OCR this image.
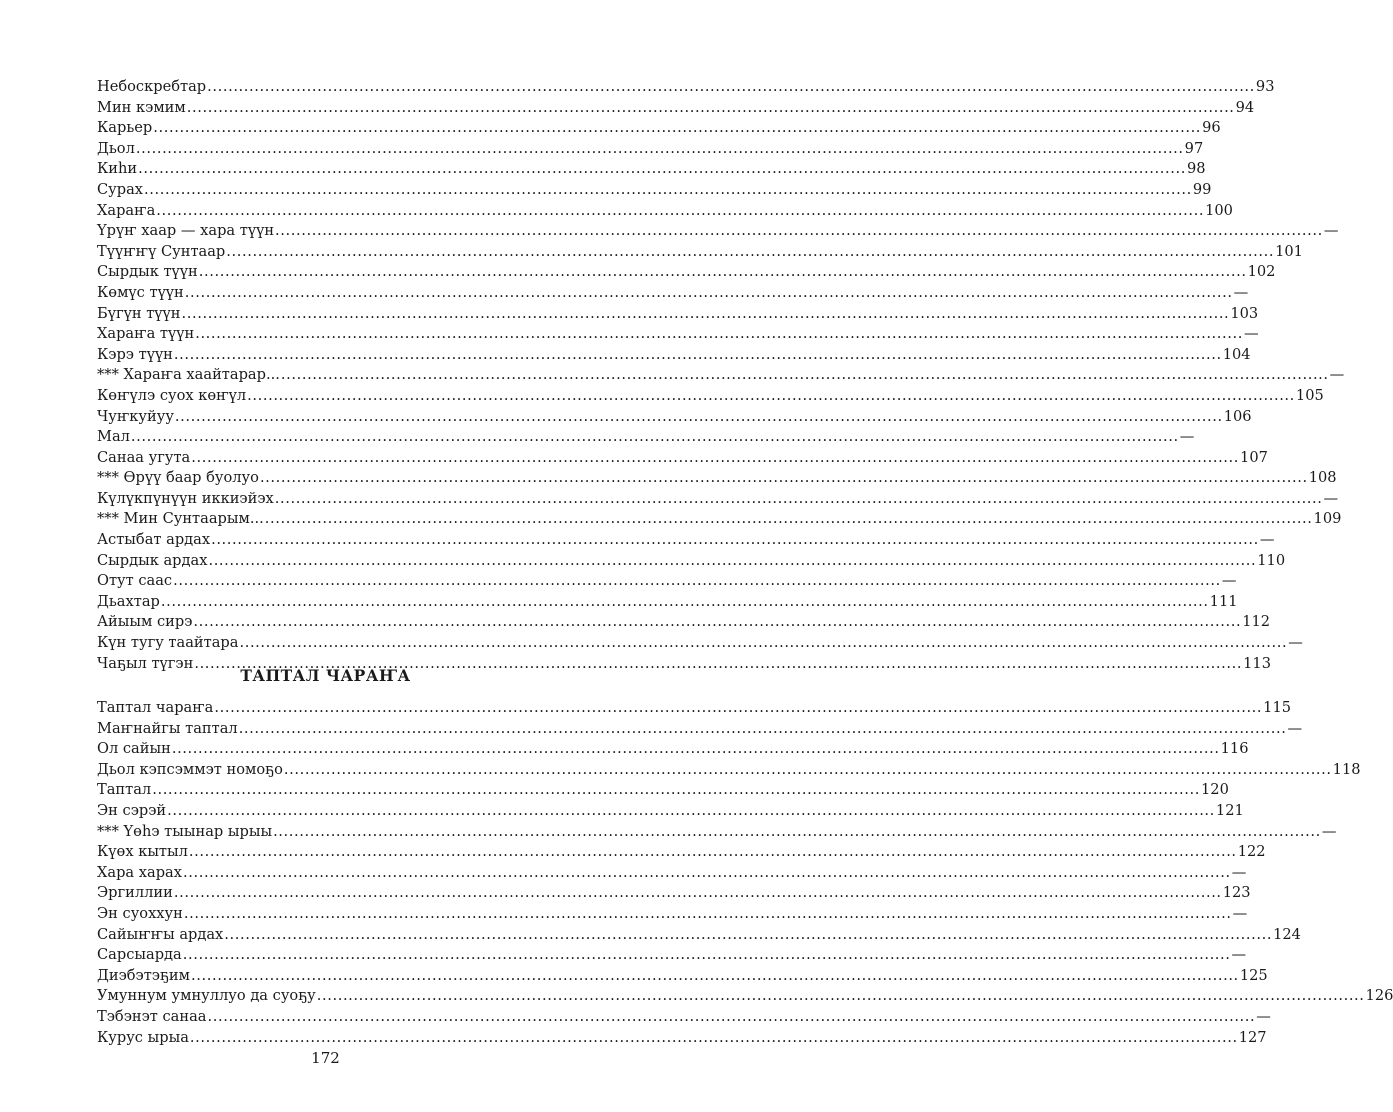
Небоскребтар ........................................................................................................................................................................................................ 93
Мин кэмим ........................................................................................................................................................................................................ 94
Карьер ........................................................................................................................................................................................................ 96
Дьол ........................................................................................................................................................................................................ 97
Киһи ........................................................................................................................................................................................................ 98
Сурах ........................................................................................................................................................................................................ 99
Хараҥа ........................................................................................................................................................................................................ 100
Үрүҥ хаар — хара түүн ........................................................................................................................................................................................................ —
Түүҥҥү Сунтаар ........................................................................................................................................................................................................ 101
Сырдык түүн ........................................................................................................................................................................................................ 102
Көмүс түүн ........................................................................................................................................................................................................ —
Бүгүн түүн ........................................................................................................................................................................................................ 103
Хараҥа түүн ........................................................................................................................................................................................................ —
Кэрэ түүн ........................................................................................................................................................................................................ 104
*** Хараҥа хаайтарар... ........................................................................................................................................................................................................ —
Көҥүлэ суох көҥүл ........................................................................................................................................................................................................ 105
Чуҥкуйуу ........................................................................................................................................................................................................ 106
Мал ........................................................................................................................................................................................................ —
Санаа угута ........................................................................................................................................................................................................ 107
*** Өрүү баар буолуо ........................................................................................................................................................................................................ 108
Күлүкпүнүүн иккиэйэх ........................................................................................................................................................................................................ —
*** Мин Сунтаарым... ........................................................................................................................................................................................................ 109
Астыбат ардах ........................................................................................................................................................................................................ —
Сырдык ардах ........................................................................................................................................................................................................ 110
Отут саас ........................................................................................................................................................................................................ —
Дьахтар ........................................................................................................................................................................................................ 111
Айыым сирэ ........................................................................................................................................................................................................ 112
Күн тугу таайтара ........................................................................................................................................................................................................ —
Чаҕыл түгэн ........................................................................................................................................................................................................ 113
ТАПТАЛ ЧАРАҤА
Таптал чараҥа ........................................................................................................................................................................................................ 115
Маҥнайгы таптал ........................................................................................................................................................................................................ —
Ол сайын ........................................................................................................................................................................................................ 116
Дьол кэпсэммэт номоҕо ........................................................................................................................................................................................................ 118
Таптал ........................................................................................................................................................................................................ 120
Эн сэрэй ........................................................................................................................................................................................................ 121
*** Үөһэ тыынар ырыы ........................................................................................................................................................................................................ —
Күөх кытыл ........................................................................................................................................................................................................ 122
Хара харах ........................................................................................................................................................................................................ —
Эргиллии ........................................................................................................................................................................................................ 123
Эн суоххун ........................................................................................................................................................................................................ —
Сайыҥҥы ардах ........................................................................................................................................................................................................ 124
Сарсыарда ........................................................................................................................................................................................................ —
Диэбэтэҕим ........................................................................................................................................................................................................ 125
Умуннум умнуллуо да суоҕу ........................................................................................................................................................................................................ 126
Тэбэнэт санаа ........................................................................................................................................................................................................ —
Курус ырыа ........................................................................................................................................................................................................ 127
172
